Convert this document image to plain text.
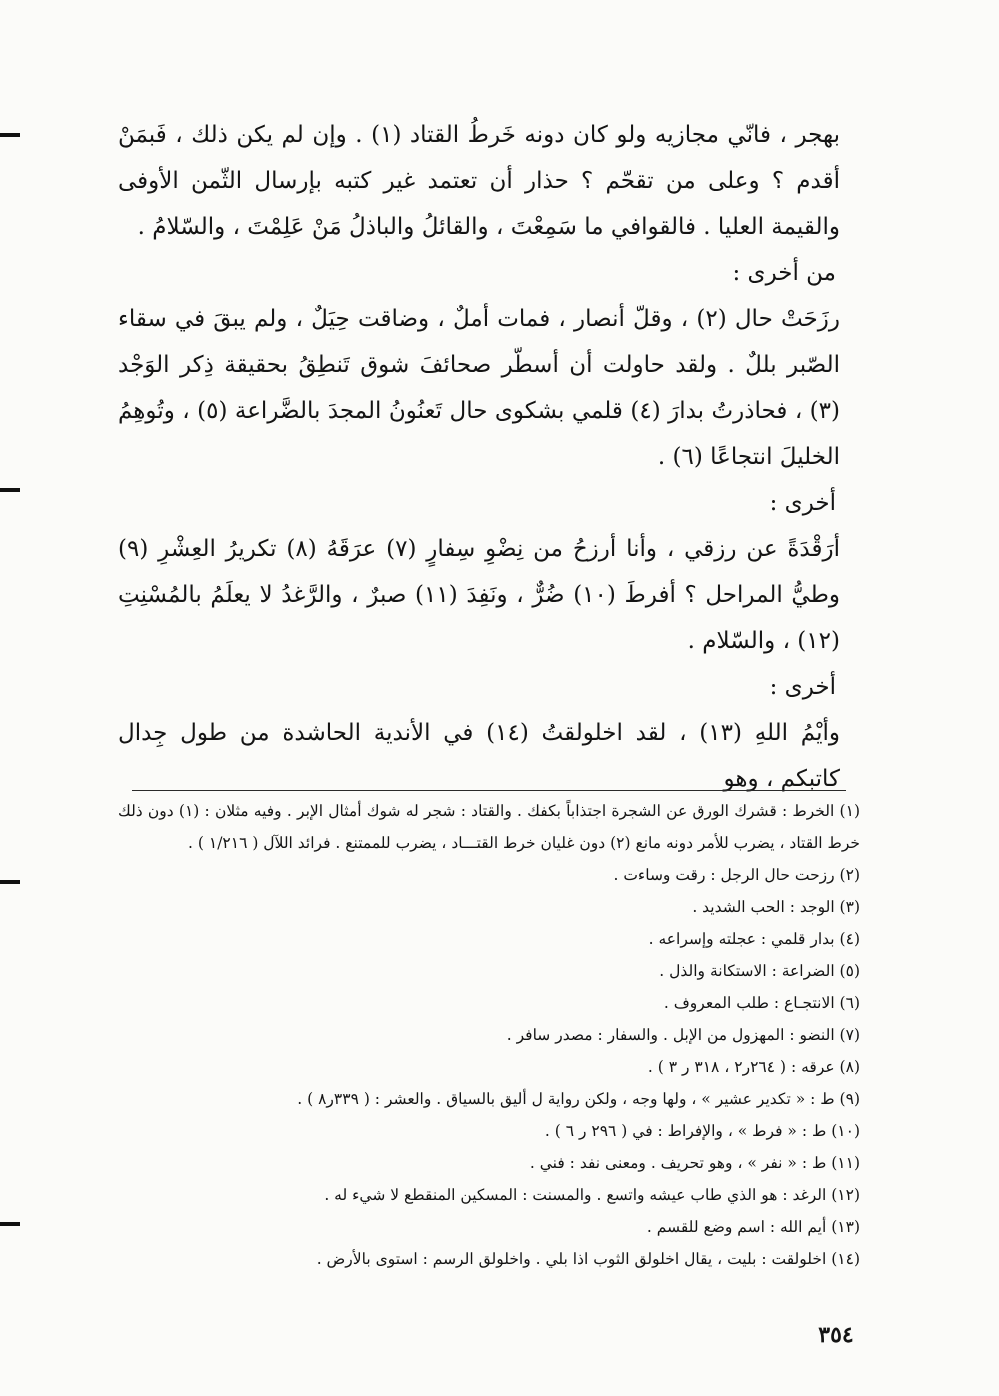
بهجر ، فانّي مجازيه ولو كان دونه خَرطُ القتاد (١) . وإن لم يكن ذلك ، فَبمَنْ أقدم ؟ وعلى من تقحّم ؟ حذار أن تعتمد غير كتبه بإرسال الثّمن الأوفى والقيمة العليا . فالقوافي ما سَمِعْتَ ، والقائلُ والباذلُ مَنْ عَلِمْتَ ، والسّلامُ .

من أخرى :

رزَحَتْ حال (٢) ، وقلّ أنصار ، فمات أملٌ ، وضاقت حِيَلٌ ، ولم يبقَ في سقاء الصّبر بللٌ . ولقد حاولت أن أسطّر صحائفَ شوق تَنطِقُ بحقيقة ذِكر الوَجْد (٣) ، فحاذرتُ بدارَ (٤) قلمي بشكوى حال تَعنُونُ المجدَ بالضَّراعة (٥) ، وتُوهِمُ الخليلَ انتجاعًا (٦) .

أخرى :

أرَقْدَةً عن رزقي ، وأنا أرزحُ من نِضْوِ سِفارٍ (٧) عرَقَهُ (٨) تكريرُ العِشْرِ (٩) وطيُّ المراحل ؟ أفرطَ (١٠) ضُرٌّ ، ونَفِدَ (١١) صبرٌ ، والرَّغدُ لا يعلَمُ بالمُسْنِتِ (١٢) ، والسّلام .

أخرى :

وأيْمُ اللهِ (١٣) ، لقد اخلولقتُ (١٤) في الأندية الحاشدة من طول جِدال كاتبكم ، وهو

(١) الخرط : قشرك الورق عن الشجرة اجتذاباً بكفك . والقتاد : شجر له شوك أمثال الإبر . وفيه مثلان : (١) دون ذلك خرط القتاد ، يضرب للأمر دونه مانع (٢) دون غليان خرط القتـــاد ، يضرب للممتنع . فرائد اللآل ( ١/٢١٦ ) .

(٢) رزحت حال الرجل : رقت وساءت .

(٣) الوجد : الحب الشديد .

(٤) بدار قلمي : عجلته وإسراعه .

(٥) الضراعة : الاستكانة والذل .

(٦) الانتجـاع : طلب المعروف .

(٧) النضو : المهزول من الإبل . والسفار : مصدر سافر .

(٨) عرقه : ( ٢٦٤ر٢ ، ٣١٨ ر ٣ ) .

(٩) ط : « تكدير عشير » ، ولها وجه ، ولكن رواية ل أليق بالسياق . والعشر : ( ٣٣٩ر٨ ) .

(١٠) ط : « فرط » ، والإفراط : في ( ٢٩٦ ر ٦ ) .

(١١) ط : « نفر » ، وهو تحريف . ومعنى نفد : فني .

(١٢) الرغد : هو الذي طاب عيشه واتسع . والمسنت : المسكين المنقطع لا شيء له .

(١٣) أيم الله : اسم وضع للقسم .

(١٤) اخلولقت : بليت ، يقال اخلولق الثوب اذا بلي . واخلولق الرسم : استوى بالأرض .

٣٥٤
